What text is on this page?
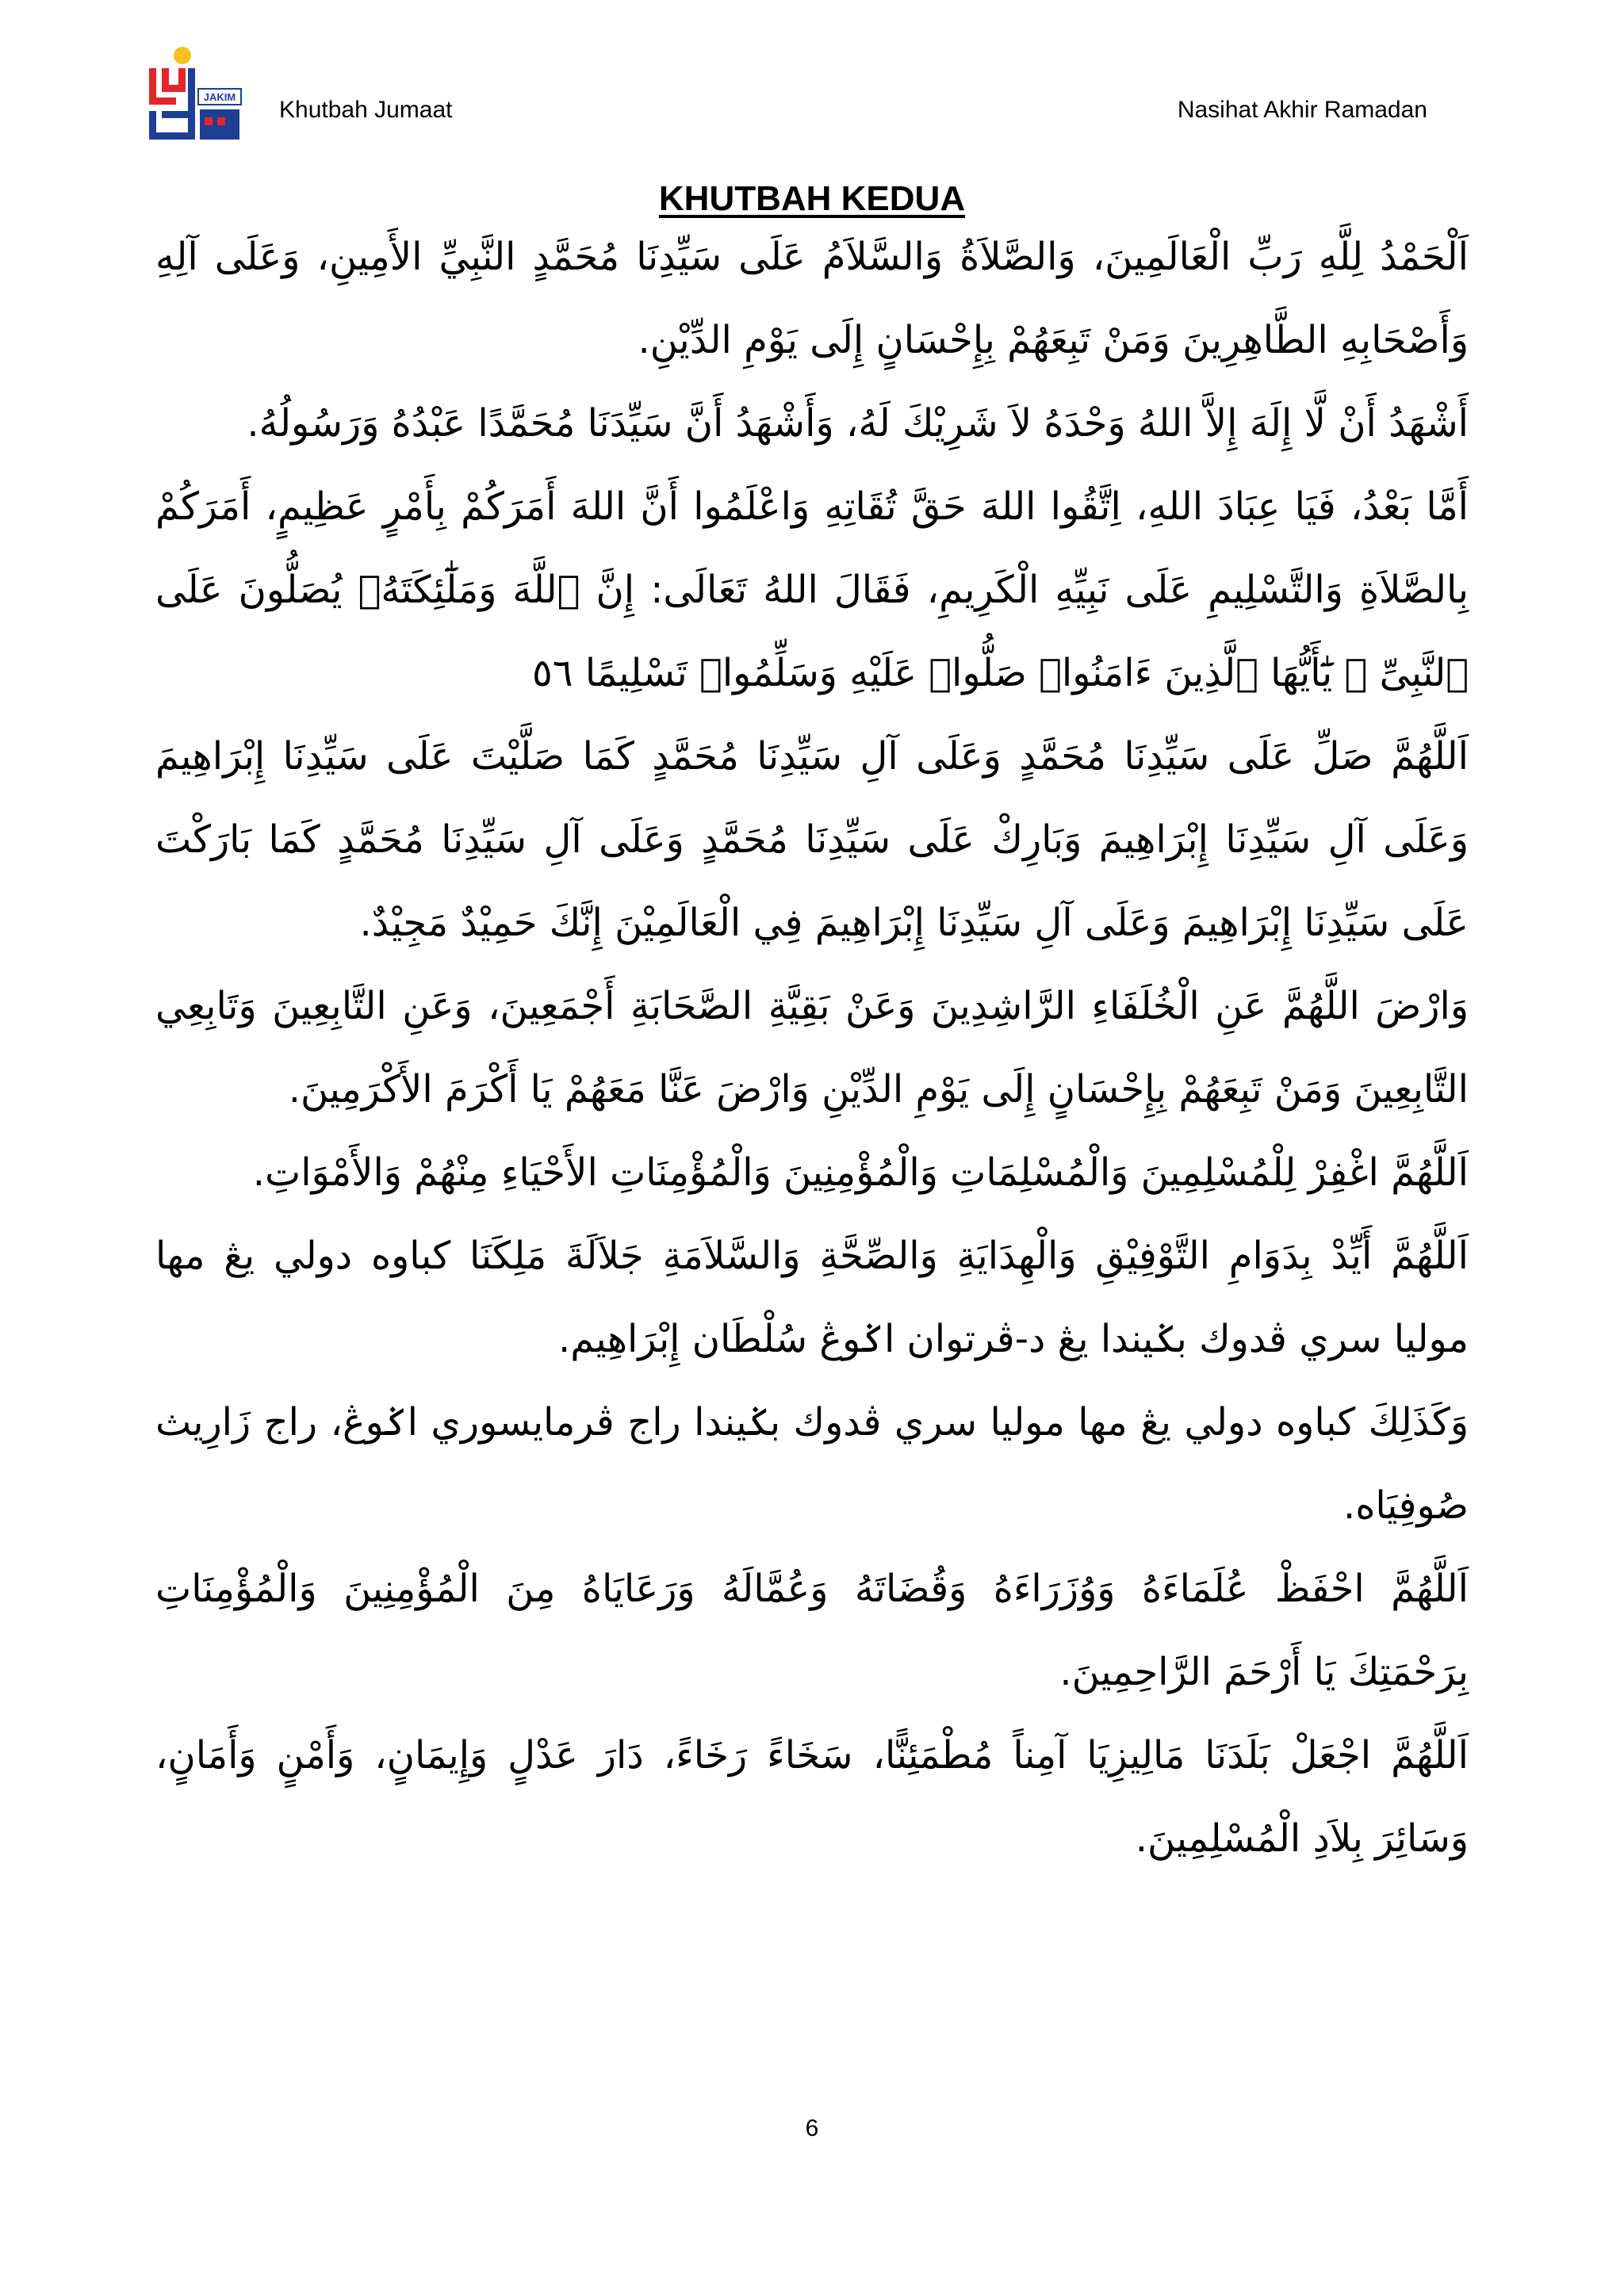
JAKIM Khutbah Jumaat	Nasihat Akhir Ramadan
KHUTBAH KEDUA

اَلْحَمْدُ لِلَّهِ رَبِّ الْعَالَمِينَ، وَالصَّلاَةُ وَالسَّلاَمُ عَلَى سَيِّدِنَا مُحَمَّدٍ النَّبِيِّ الأَمِينِ، وَعَلَى آلِهِ وَأَصْحَابِهِ الطَّاهِرِينَ وَمَنْ تَبِعَهُمْ بِإِحْسَانٍ إِلَى يَوْمِ الدِّيْنِ.

أَشْهَدُ أَنْ لَّا إِلَهَ إِلاَّ اللهُ وَحْدَهُ لاَ شَرِيْكَ لَهُ، وَأَشْهَدُ أَنَّ سَيِّدَنَا مُحَمَّدًا عَبْدُهُ وَرَسُولُهُ.

أَمَّا بَعْدُ، فَيَا عِبَادَ اللهِ، اِتَّقُوا اللهَ حَقَّ تُقَاتِهِ وَاعْلَمُوا أَنَّ اللهَ أَمَرَكُمْ بِأَمْرٍ عَظِيمٍ، أَمَرَكُمْ بِالصَّلاَةِ وَالتَّسْلِيمِ عَلَى نَبِيِّهِ الْكَرِيمِ، فَقَالَ اللهُ تَعَالَى: إِنَّ ٱللَّهَ وَمَلَٰٓئِكَتَهُۥ يُصَلُّونَ عَلَى ٱلنَّبِىِّ ۚ يَٰٓأَيُّهَا ٱلَّذِينَ ءَامَنُوا۟ صَلُّوا۟ عَلَيْهِ وَسَلِّمُوا۟ تَسْلِيمًا ٥٦

اَللَّهُمَّ صَلِّ عَلَى سَيِّدِنَا مُحَمَّدٍ وَعَلَى آلِ سَيِّدِنَا مُحَمَّدٍ كَمَا صَلَّيْتَ عَلَى سَيِّدِنَا إِبْرَاهِيمَ وَعَلَى آلِ سَيِّدِنَا إِبْرَاهِيمَ وَبَارِكْ عَلَى سَيِّدِنَا مُحَمَّدٍ وَعَلَى آلِ سَيِّدِنَا مُحَمَّدٍ كَمَا بَارَكْتَ عَلَى سَيِّدِنَا إِبْرَاهِيمَ وَعَلَى آلِ سَيِّدِنَا إِبْرَاهِيمَ فِي الْعَالَمِيْنَ إِنَّكَ حَمِيْدٌ مَجِيْدٌ.

وَارْضَ اللَّهُمَّ عَنِ الْخُلَفَاءِ الرَّاشِدِينَ وَعَنْ بَقِيَّةِ الصَّحَابَةِ أَجْمَعِينَ، وَعَنِ التَّابِعِينَ وَتَابِعِي التَّابِعِينَ وَمَنْ تَبِعَهُمْ بِإِحْسَانٍ إِلَى يَوْمِ الدِّيْنِ وَارْضَ عَنَّا مَعَهُمْ يَا أَكْرَمَ الأَكْرَمِينَ.

اَللَّهُمَّ اغْفِرْ لِلْمُسْلِمِينَ وَالْمُسْلِمَاتِ وَالْمُؤْمِنِينَ وَالْمُؤْمِنَاتِ الأَحْيَاءِ مِنْهُمْ وَالأَمْوَاتِ.

اَللَّهُمَّ أَيِّدْ بِدَوَامِ التَّوْفِيْقِ وَالْهِدَايَةِ وَالصِّحَّةِ وَالسَّلاَمَةِ جَلاَلَةَ مَلِكَنَا كباوه دولي يڠ مها موليا سري ڤدوك بݢيندا يڠ د-ڤرتوان اݢوڠ سُلْطَان إِبْرَاهِيم.

وَكَذَلِكَ كباوه دولي يڠ مها موليا سري ڤدوك بݢيندا راج ڤرمايسوري اݢوڠ، راج زَارِيث صُوفِيَاه.

اَللَّهُمَّ احْفَظْ عُلَمَاءَهُ وَوُزَرَاءَهُ وَقُضَاتَهُ وَعُمَّالَهُ وَرَعَايَاهُ مِنَ الْمُؤْمِنِينَ وَالْمُؤْمِنَاتِ بِرَحْمَتِكَ يَا أَرْحَمَ الرَّاحِمِينَ.

اَللَّهُمَّ اجْعَلْ بَلَدَنَا مَالِيزِيَا آمِناً مُطْمَئِنًّا، سَخَاءً رَخَاءً، دَارَ عَدْلٍ وَإِيمَانٍ، وَأَمْنٍ وَأَمَانٍ، وَسَائِرَ بِلاَدِ الْمُسْلِمِينَ.

6
